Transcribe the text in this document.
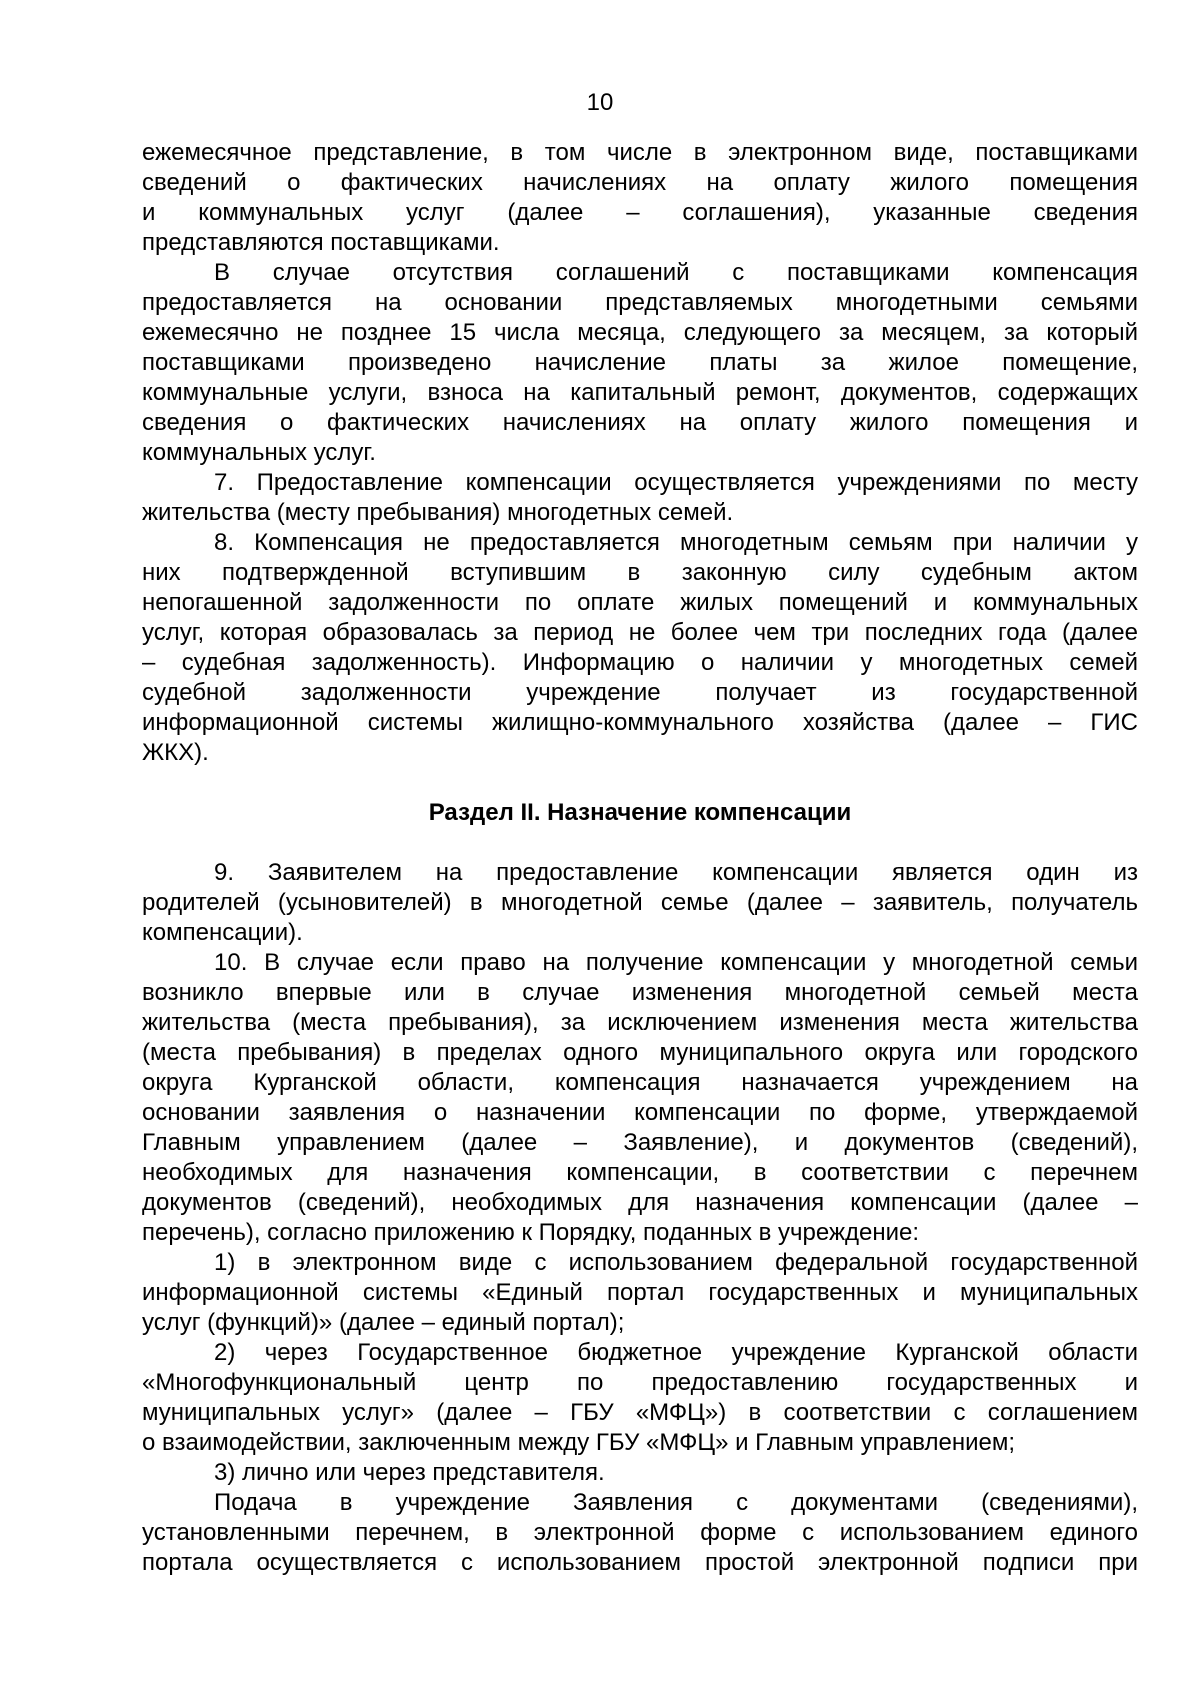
10
ежемесячное представление, в том числе в электронном виде, поставщиками
сведений о фактических начислениях на оплату жилого помещения
и коммунальных услуг (далее – соглашения), указанные сведения
представляются поставщиками.
В случае отсутствия соглашений с поставщиками компенсация
предоставляется на основании представляемых многодетными семьями
ежемесячно не позднее 15 числа месяца, следующего за месяцем, за который
поставщиками произведено начисление платы за жилое помещение,
коммунальные услуги, взноса на капитальный ремонт, документов, содержащих
сведения о фактических начислениях на оплату жилого помещения и
коммунальных услуг.
7. Предоставление компенсации осуществляется учреждениями по месту
жительства (месту пребывания) многодетных семей.
8. Компенсация не предоставляется многодетным семьям при наличии у
них подтвержденной вступившим в законную силу судебным актом
непогашенной задолженности по оплате жилых помещений и коммунальных
услуг, которая образовалась за период не более чем три последних года (далее
– судебная задолженность). Информацию о наличии у многодетных семей
судебной задолженности учреждение получает из государственной
информационной системы жилищно-коммунального хозяйства (далее – ГИС
ЖКХ).
Раздел II. Назначение компенсации
9. Заявителем на предоставление компенсации является один из
родителей (усыновителей) в многодетной семье (далее – заявитель, получатель
компенсации).
10. В случае если право на получение компенсации у многодетной семьи
возникло впервые или в случае изменения многодетной семьей места
жительства (места пребывания), за исключением изменения места жительства
(места пребывания) в пределах одного муниципального округа или городского
округа Курганской области, компенсация назначается учреждением на
основании заявления о назначении компенсации по форме, утверждаемой
Главным управлением (далее – Заявление), и документов (сведений),
необходимых для назначения компенсации, в соответствии с перечнем
документов (сведений), необходимых для назначения компенсации (далее –
перечень), согласно приложению к Порядку, поданных в учреждение:
1) в электронном виде с использованием федеральной государственной
информационной системы «Единый портал государственных и муниципальных
услуг (функций)» (далее – единый портал);
2) через Государственное бюджетное учреждение Курганской области
«Многофункциональный центр по предоставлению государственных и
муниципальных услуг» (далее – ГБУ «МФЦ») в соответствии с соглашением
о взаимодействии, заключенным между ГБУ «МФЦ» и Главным управлением;
3) лично или через представителя.
Подача в учреждение Заявления с документами (сведениями),
установленными перечнем, в электронной форме с использованием единого
портала осуществляется с использованием простой электронной подписи при
